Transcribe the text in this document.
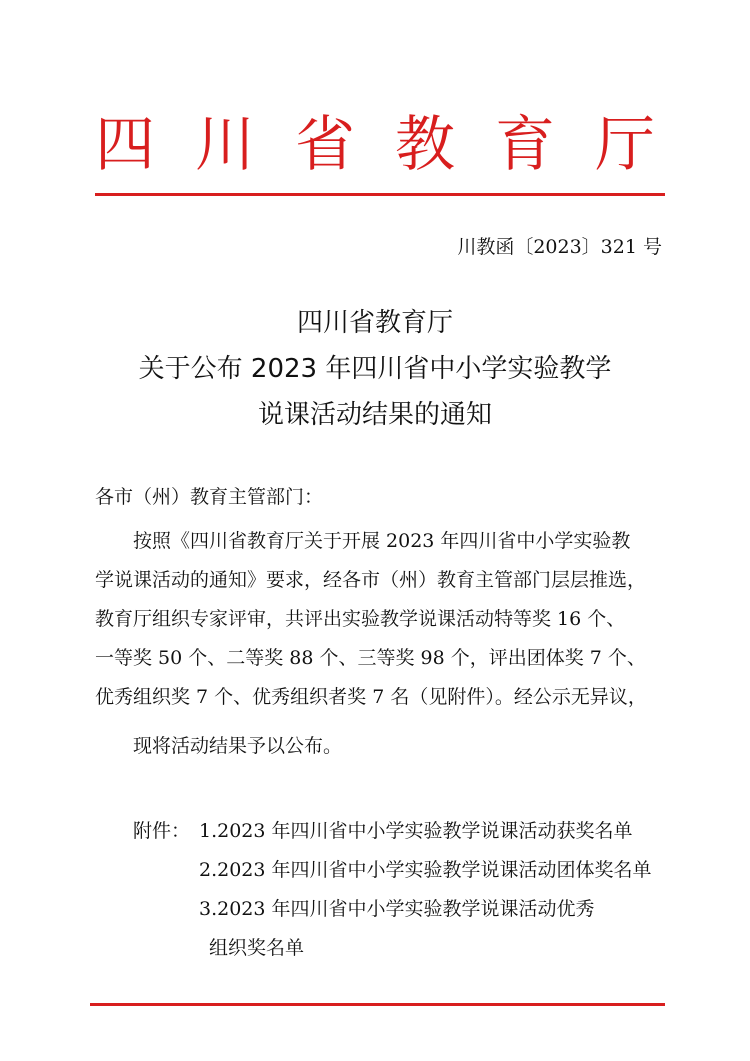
四 川 省 教 育 厅
川教函〔2023〕321 号
四川省教育厅
关于公布 2023 年四川省中小学实验教学
说课活动结果的通知
各市（州）教育主管部门：
按照《四川省教育厅关于开展 2023 年四川省中小学实验教
学说课活动的通知》要求，经各市（州）教育主管部门层层推选，
教育厅组织专家评审，共评出实验教学说课活动特等奖 16 个、
一等奖 50 个、二等奖 88 个、三等奖 98 个，评出团体奖 7 个、
优秀组织奖 7 个、优秀组织者奖 7 名（见附件）。经公示无异议，
现将活动结果予以公布。
附件： 1.2023 年四川省中小学实验教学说课活动获奖名单
2.2023 年四川省中小学实验教学说课活动团体奖名单
3.2023 年四川省中小学实验教学说课活动优秀
组织奖名单
